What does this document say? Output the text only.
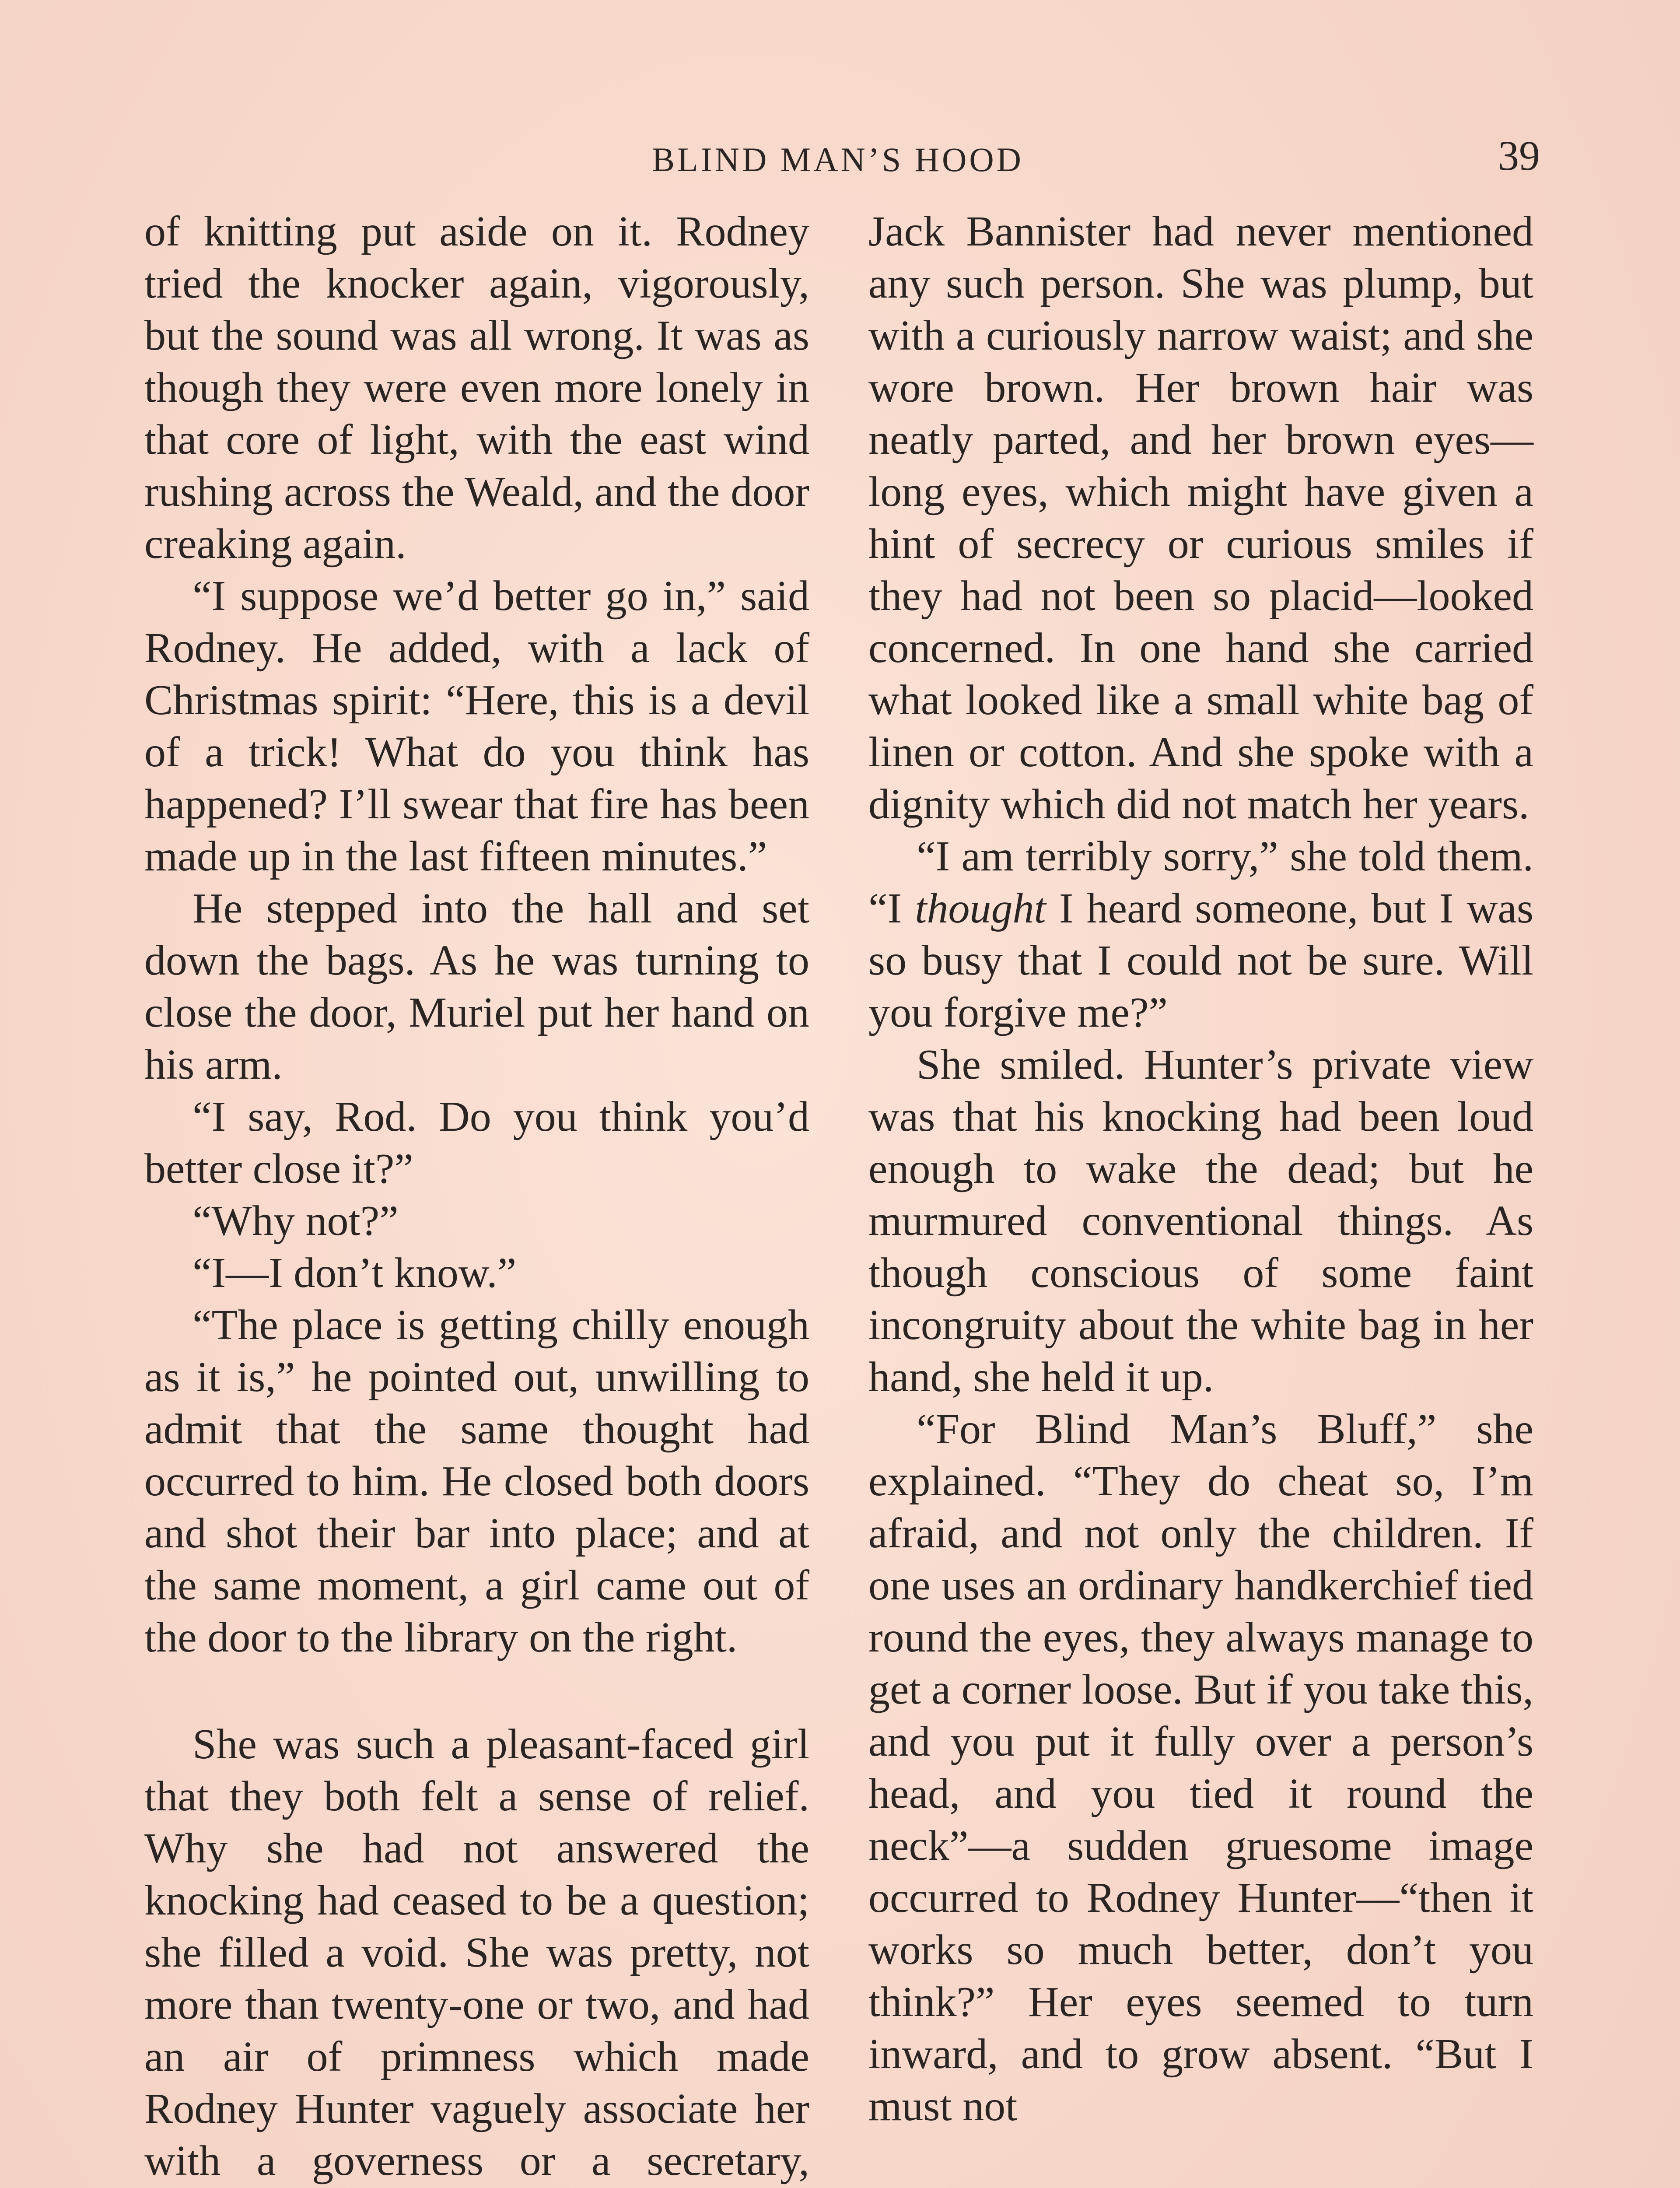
BLIND MAN’S HOOD	39

of knitting put aside on it. Rodney tried the knocker again, vigorously, but the sound was all wrong. It was as though they were even more lonely in that core of light, with the east wind rushing across the Weald, and the door creaking again.

“I suppose we’d better go in,” said Rodney. He added, with a lack of Christmas spirit: “Here, this is a devil of a trick! What do you think has happened? I’ll swear that fire has been made up in the last fifteen minutes.”

He stepped into the hall and set down the bags. As he was turning to close the door, Muriel put her hand on his arm.

“I say, Rod. Do you think you’d better close it?”

“Why not?”

“I—I don’t know.”

“The place is getting chilly enough as it is,” he pointed out, unwilling to admit that the same thought had occurred to him. He closed both doors and shot their bar into place; and at the same moment, a girl came out of the door to the library on the right.

She was such a pleasant-faced girl that they both felt a sense of relief. Why she had not answered the knocking had ceased to be a question; she filled a void. She was pretty, not more than twenty-one or two, and had an air of primness which made Rodney Hunter vaguely associate her with a governess or a secretary,

Jack Bannister had never mentioned any such person. She was plump, but with a curiously narrow waist; and she wore brown. Her brown hair was neatly parted, and her brown eyes—long eyes, which might have given a hint of secrecy or curious smiles if they had not been so placid—looked concerned. In one hand she carried what looked like a small white bag of linen or cotton. And she spoke with a dignity which did not match her years.

“I am terribly sorry,” she told them. “I thought I heard someone, but I was so busy that I could not be sure. Will you forgive me?”

She smiled. Hunter’s private view was that his knocking had been loud enough to wake the dead; but he murmured conventional things. As though conscious of some faint incongruity about the white bag in her hand, she held it up.

“For Blind Man’s Bluff,” she explained. “They do cheat so, I’m afraid, and not only the children. If one uses an ordinary handkerchief tied round the eyes, they always manage to get a corner loose. But if you take this, and you put it fully over a person’s head, and you tied it round the neck”—a sudden gruesome image occurred to Rodney Hunter—“then it works so much better, don’t you think?” Her eyes seemed to turn inward, and to grow absent. “But I must not
